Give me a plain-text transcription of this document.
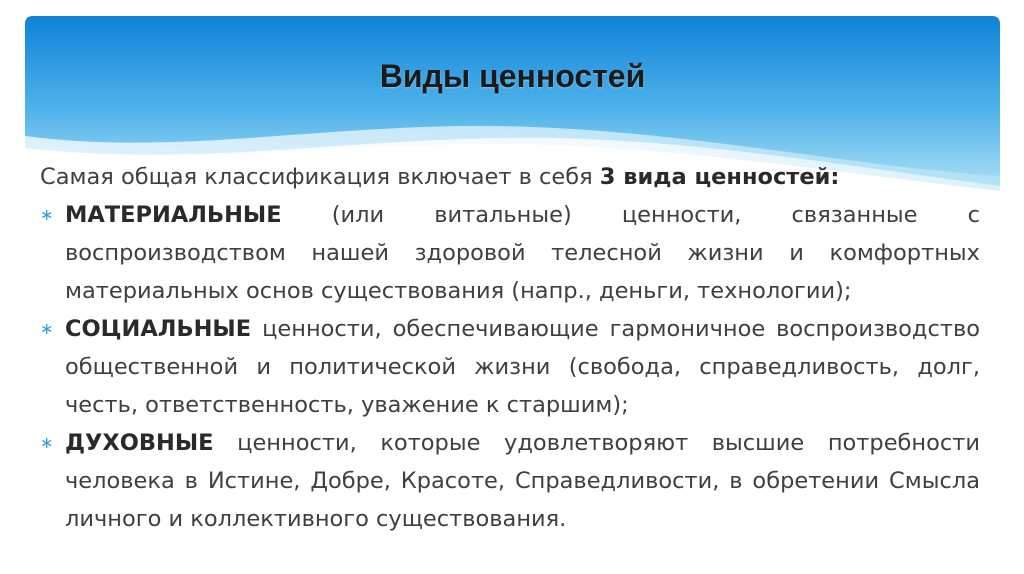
Виды ценностей
Самая общая классификация включает в себя 3 вида ценностей:
∗ МАТЕРИАЛЬНЫЕ (или витальные) ценности, связанные с воспроизводством нашей здоровой телесной жизни и комфортных материальных основ существования (напр., деньги, технологии);
∗ СОЦИАЛЬНЫЕ ценности, обеспечивающие гармоничное воспроизводство общественной и политической жизни (свобода, справедливость, долг, честь, ответственность, уважение к старшим);
∗ ДУХОВНЫЕ ценности, которые удовлетворяют высшие потребности человека в Истине, Добре, Красоте, Справедливости, в обретении Смысла личного и коллективного существования.
